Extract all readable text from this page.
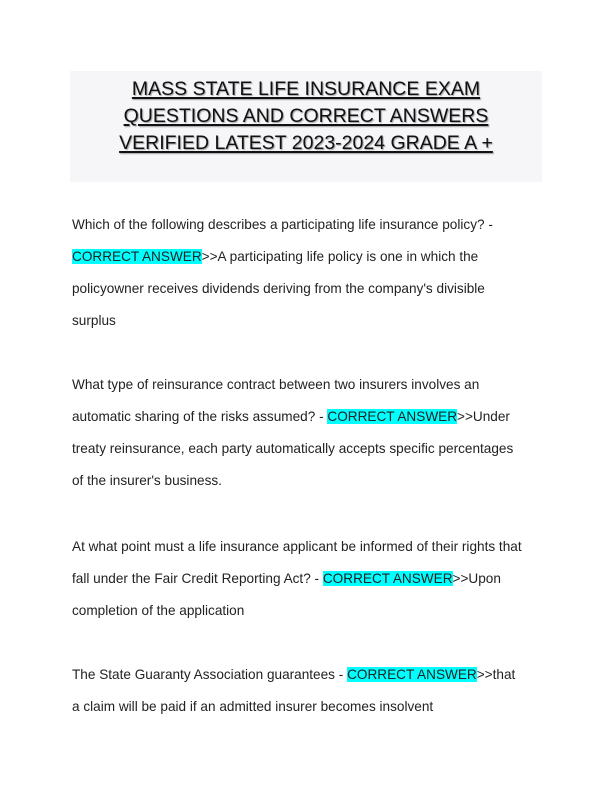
MASS STATE LIFE INSURANCE EXAM
QUESTIONS AND CORRECT ANSWERS
VERIFIED LATEST 2023-2024 GRADE A +
Which of the following describes a participating life insurance policy? -
CORRECT ANSWER>>A participating life policy is one in which the
policyowner receives dividends deriving from the company's divisible
surplus
What type of reinsurance contract between two insurers involves an
automatic sharing of the risks assumed? - CORRECT ANSWER>>Under
treaty reinsurance, each party automatically accepts specific percentages
of the insurer's business.
At what point must a life insurance applicant be informed of their rights that
fall under the Fair Credit Reporting Act? - CORRECT ANSWER>>Upon
completion of the application
The State Guaranty Association guarantees - CORRECT ANSWER>>that
a claim will be paid if an admitted insurer becomes insolvent
